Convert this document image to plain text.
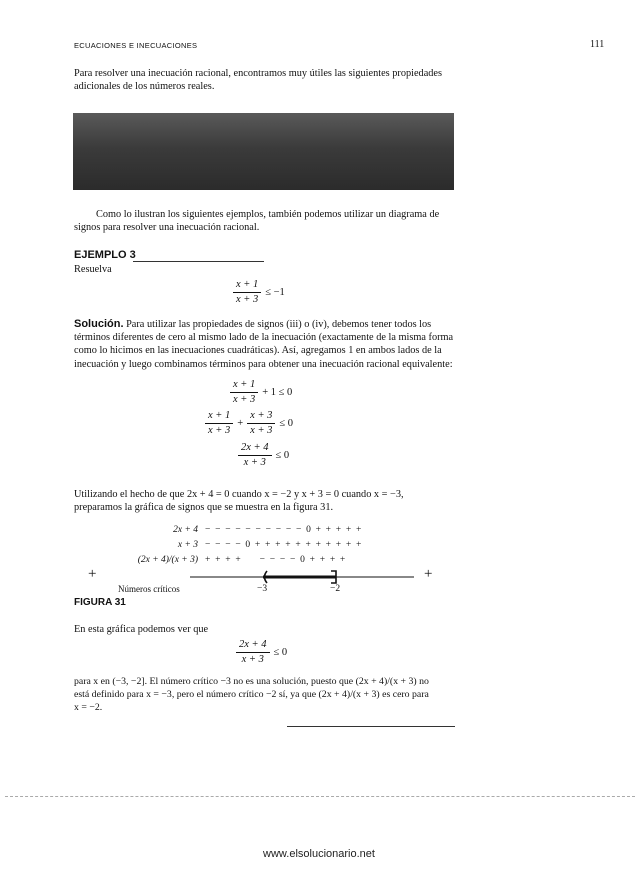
ECUACIONES E INECUACIONES	111
Para resolver una inecuación racional, encontramos muy útiles las siguientes propiedades
adicionales de los números reales.
Como lo ilustran los siguientes ejemplos, también podemos utilizar un diagrama de
signos para resolver una inecuación racional.
EJEMPLO 3
Resuelva
$\frac{x + 1}{x + 3} \le -1$
Solución. Para utilizar las propiedades de signos (iii) o (iv), debemos tener todos los
términos diferentes de cero al mismo lado de la inecuación (exactamente de la misma forma
como lo hicimos en las inecuaciones cuadráticas). Así, agregamos 1 en ambos lados de la
inecuación y luego combinamos términos para obtener una inecuación racional equivalente:
$\frac{x + 1}{x + 3} + 1 \le 0$
$\frac{x + 1}{x + 3} + \frac{x + 3}{x + 3} \le 0$
$\frac{2x + 4}{x + 3} \le 0$
Utilizando el hecho de que 2x + 4 = 0 cuando x = −2 y x + 3 = 0 cuando x = −3,
preparamos la gráfica de signos que se muestra en la figura 31.
2x + 4 −  −  −  −  −  −  −  −  −  −  0  +  +  +  +  +
x + 3 −  −  −  −  0  +  +  +  +  +  +  +  +  +  +  +
(2x + 4)/(x + 3) +  +  +  +        −  −  −  −  0  +  +  +  +
+	+
Números críticos	−3	−2
FIGURA 31
En esta gráfica podemos ver que
$\frac{2x + 4}{x + 3} \le 0$
para x en (−3, −2]. El número crítico −3 no es una solución, puesto que (2x + 4)/(x + 3) no
está definido para x = −3, pero el número crítico −2 sí, ya que (2x + 4)/(x + 3) es cero para
x = −2.
www.elsolucionario.net
